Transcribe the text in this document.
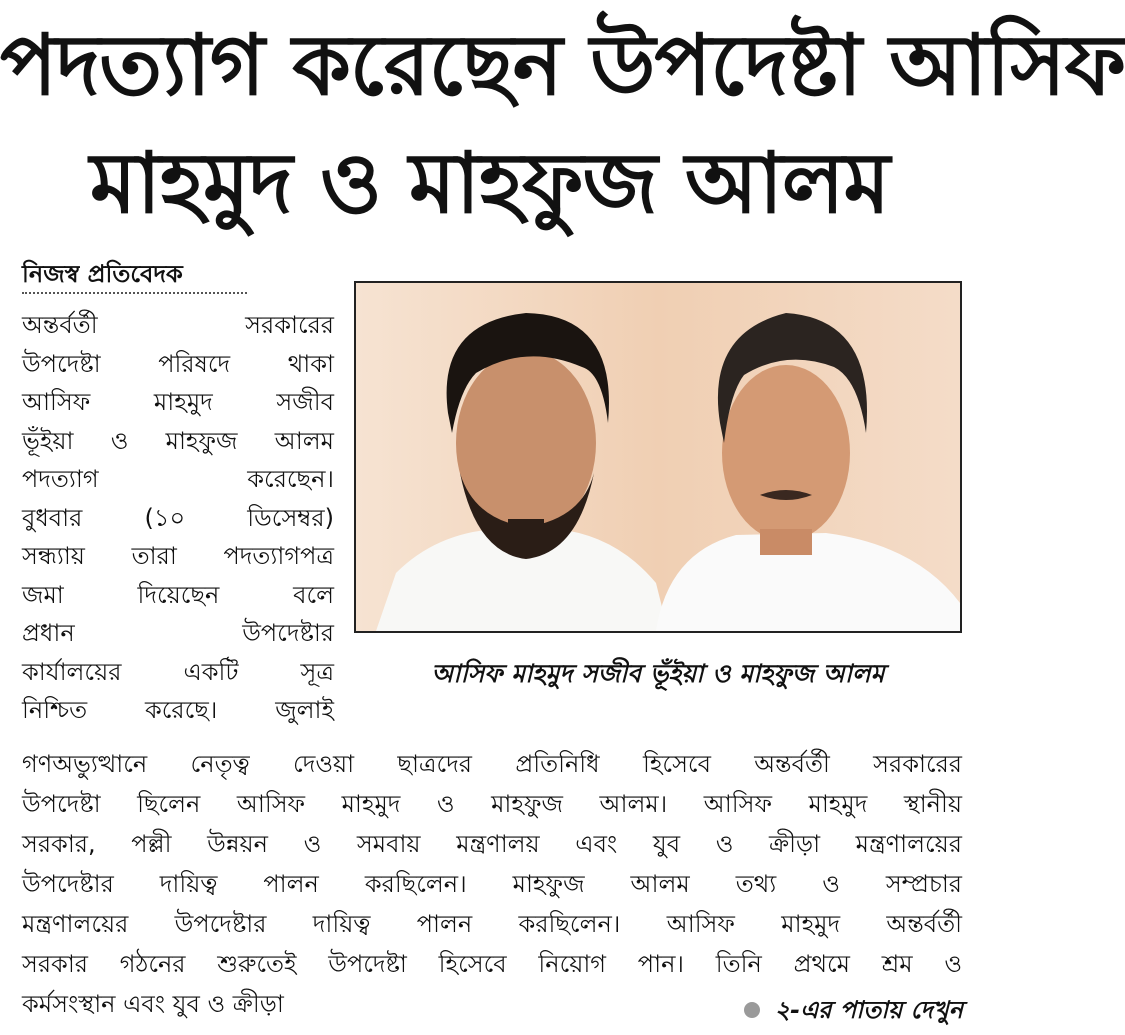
পদত্যাগ করেছেন উপদেষ্টা আসিফ
মাহমুদ ও মাহফুজ আলম
নিজস্ব প্রতিবেদক
অন্তর্বর্তী সরকারের
উপদেষ্টা পরিষদে থাকা
আসিফ মাহমুদ সজীব
ভূঁইয়া ও মাহফুজ আলম
পদত্যাগ করেছেন।
বুধবার (১০ ডিসেম্বর)
সন্ধ্যায় তারা পদত্যাগপত্র
জমা দিয়েছেন বলে
প্রধান উপদেষ্টার
কার্যালয়ের একটি সূত্র
নিশ্চিত করেছে। জুলাই
আসিফ মাহমুদ সজীব ভূঁইয়া ও মাহফুজ আলম
গণঅভ্যুত্থানে নেতৃত্ব দেওয়া ছাত্রদের প্রতিনিধি হিসেবে অন্তর্বর্তী সরকারের
উপদেষ্টা ছিলেন আসিফ মাহমুদ ও মাহফুজ আলম। আসিফ মাহমুদ স্থানীয়
সরকার, পল্লী উন্নয়ন ও সমবায় মন্ত্রণালয় এবং যুব ও ক্রীড়া মন্ত্রণালয়ের
উপদেষ্টার দায়িত্ব পালন করছিলেন। মাহফুজ আলম তথ্য ও সম্প্রচার
মন্ত্রণালয়ের উপদেষ্টার দায়িত্ব পালন করছিলেন। আসিফ মাহমুদ অন্তর্বর্তী
সরকার গঠনের শুরুতেই উপদেষ্টা হিসেবে নিয়োগ পান। তিনি প্রথমে শ্রম ও
কর্মসংস্থান এবং যুব ও ক্রীড়া	২-এর পাতায় দেখুন
